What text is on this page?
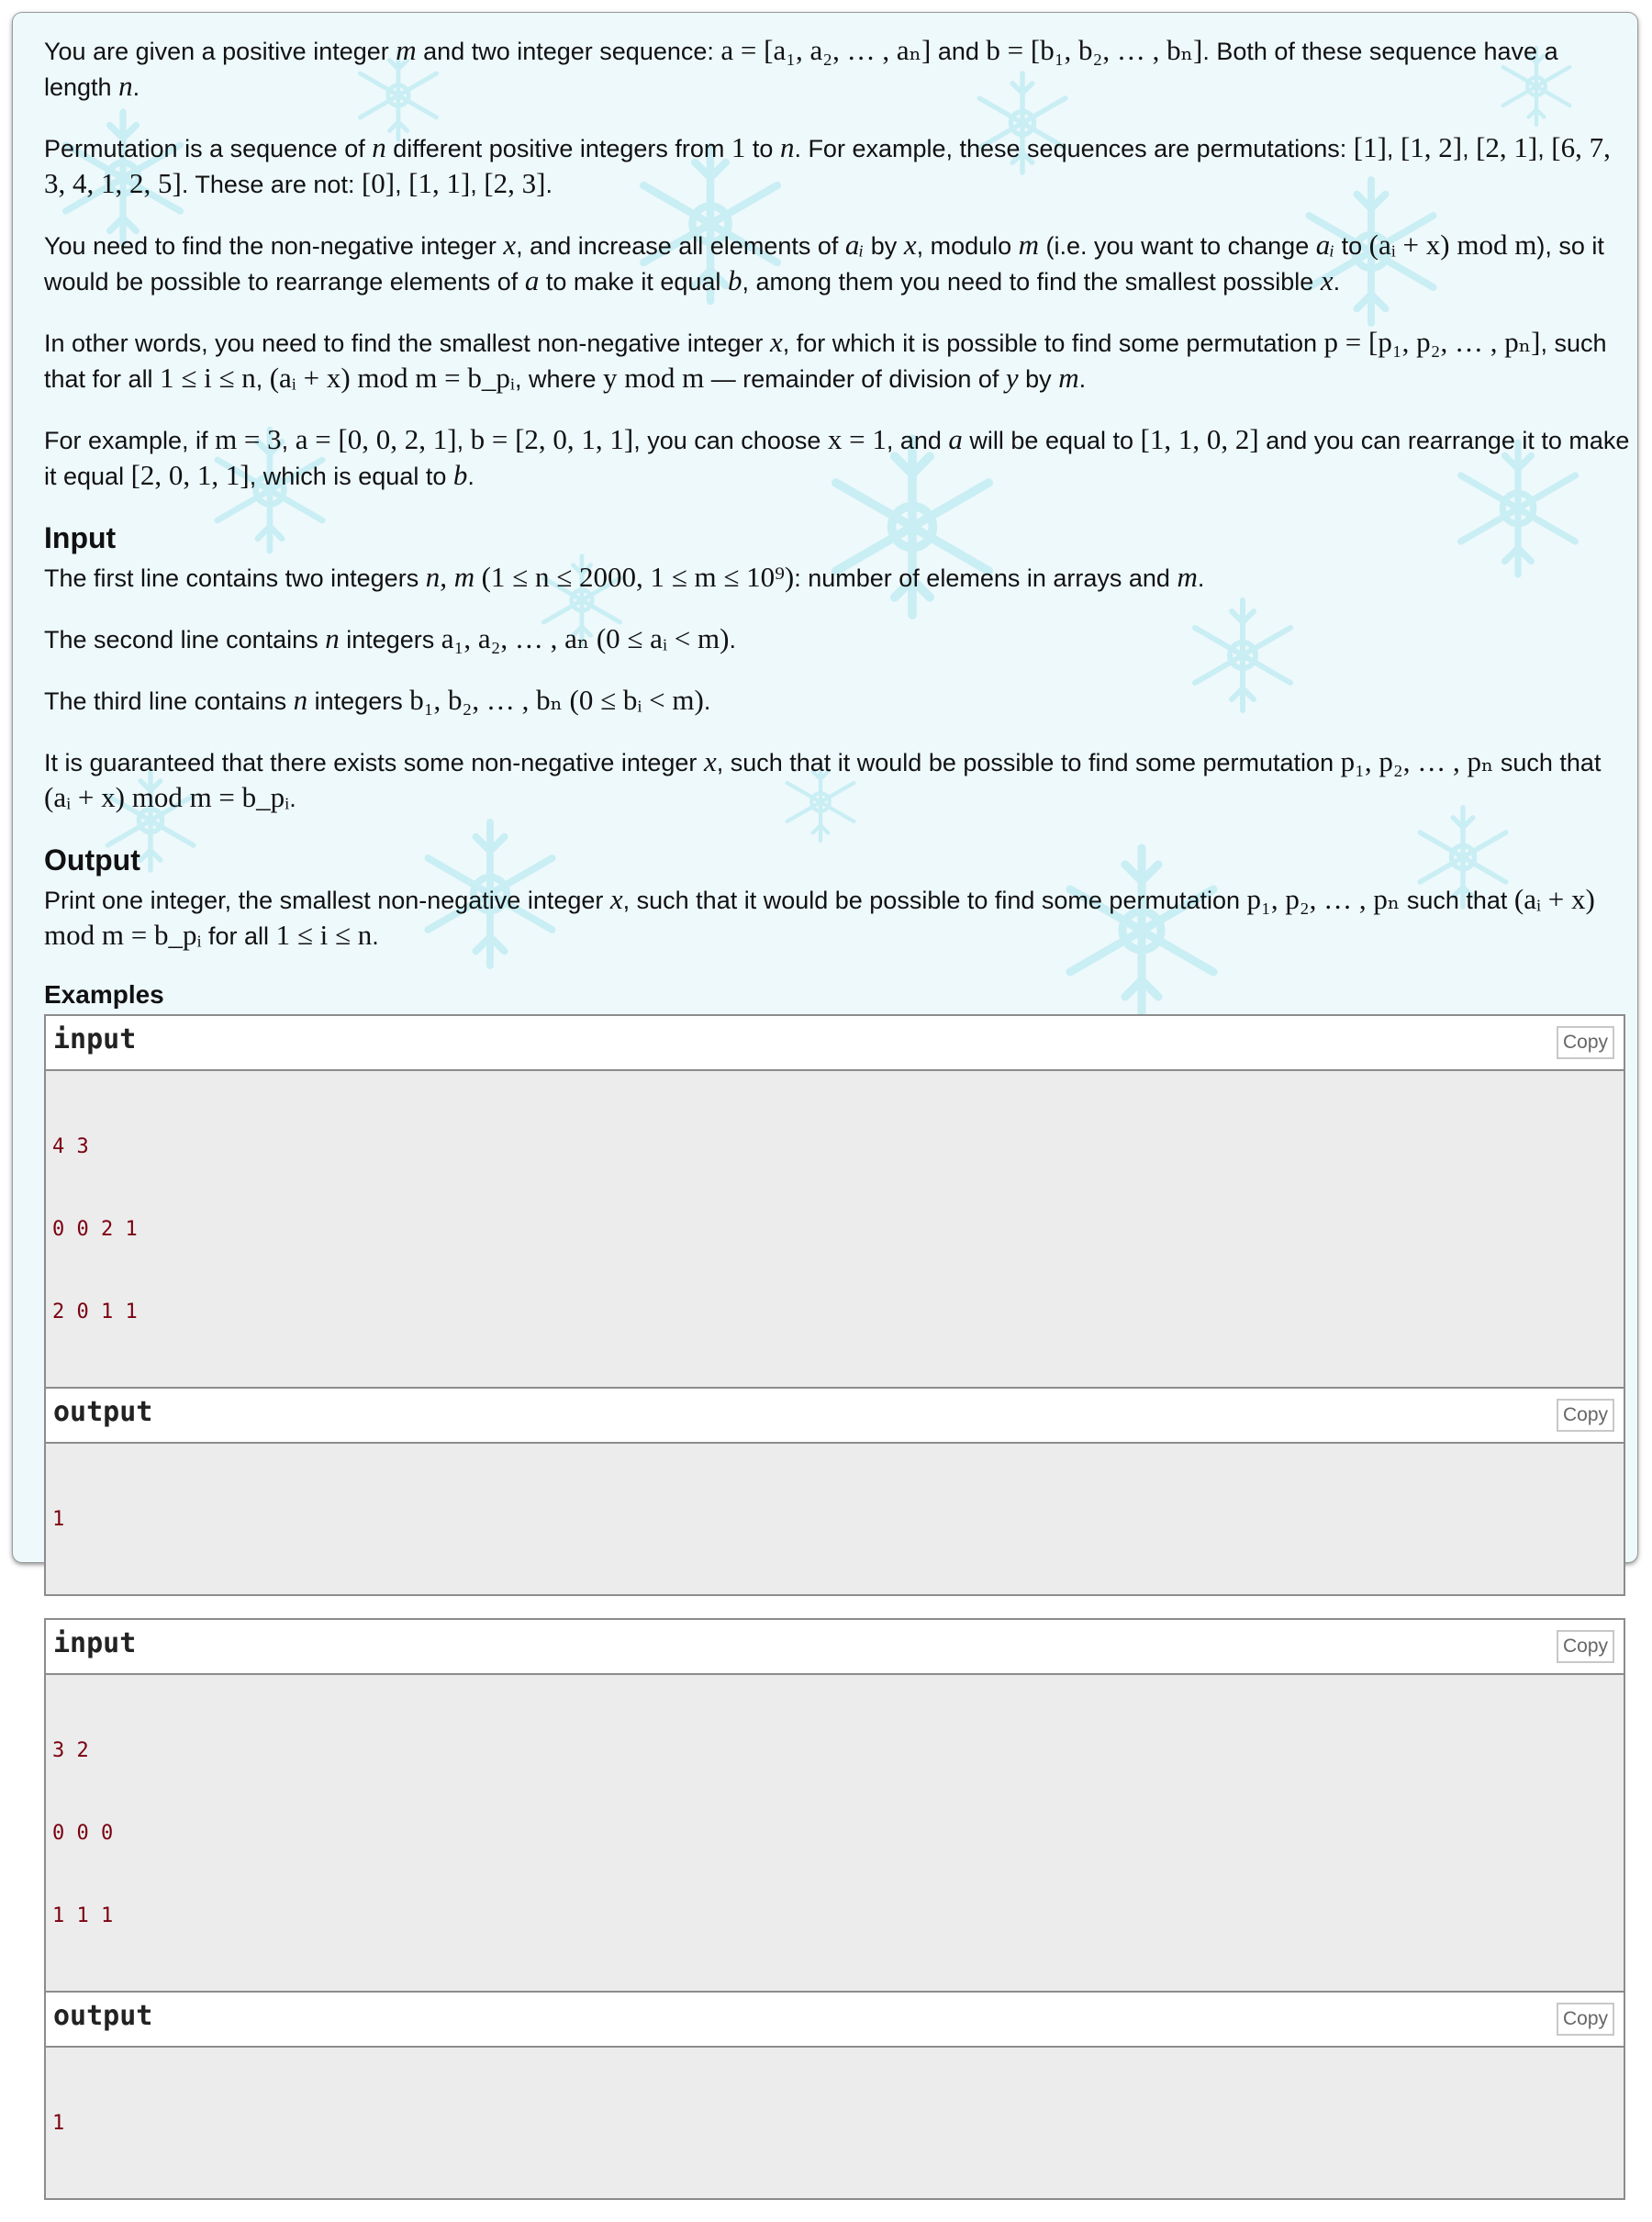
You are given a positive integer m and two integer sequence: a = [a₁, a₂, … , aₙ] and b = [b₁, b₂, … , bₙ]. Both of these sequence have a length n.

Permutation is a sequence of n different positive integers from 1 to n. For example, these sequences are permutations: [1], [1, 2], [2, 1], [6, 7, 3, 4, 1, 2, 5]. These are not: [0], [1, 1], [2, 3].

You need to find the non-negative integer x, and increase all elements of aᵢ by x, modulo m (i.e. you want to change aᵢ to (aᵢ + x) mod m), so it would be possible to rearrange elements of a to make it equal b, among them you need to find the smallest possible x.

In other words, you need to find the smallest non-negative integer x, for which it is possible to find some permutation p = [p₁, p₂, … , pₙ], such that for all 1 ≤ i ≤ n, (aᵢ + x) mod m = b_pᵢ, where y mod m — remainder of division of y by m.

For example, if m = 3, a = [0, 0, 2, 1], b = [2, 0, 1, 1], you can choose x = 1, and a will be equal to [1, 1, 0, 2] and you can rearrange it to make it equal [2, 0, 1, 1], which is equal to b.

Input

The first line contains two integers n, m (1 ≤ n ≤ 2000, 1 ≤ m ≤ 10⁹): number of elemens in arrays and m.

The second line contains n integers a₁, a₂, … , aₙ (0 ≤ aᵢ < m).

The third line contains n integers b₁, b₂, … , bₙ (0 ≤ bᵢ < m).

It is guaranteed that there exists some non-negative integer x, such that it would be possible to find some permutation p₁, p₂, … , pₙ such that (aᵢ + x) mod m = b_pᵢ.

Output

Print one integer, the smallest non-negative integer x, such that it would be possible to find some permutation p₁, p₂, … , pₙ such that (aᵢ + x) mod m = b_pᵢ for all 1 ≤ i ≤ n.

Examples
input	Copy

4 3

0 0 2 1

2 0 1 1

output	Copy

1

input	Copy

3 2

0 0 0

1 1 1

output	Copy

1
